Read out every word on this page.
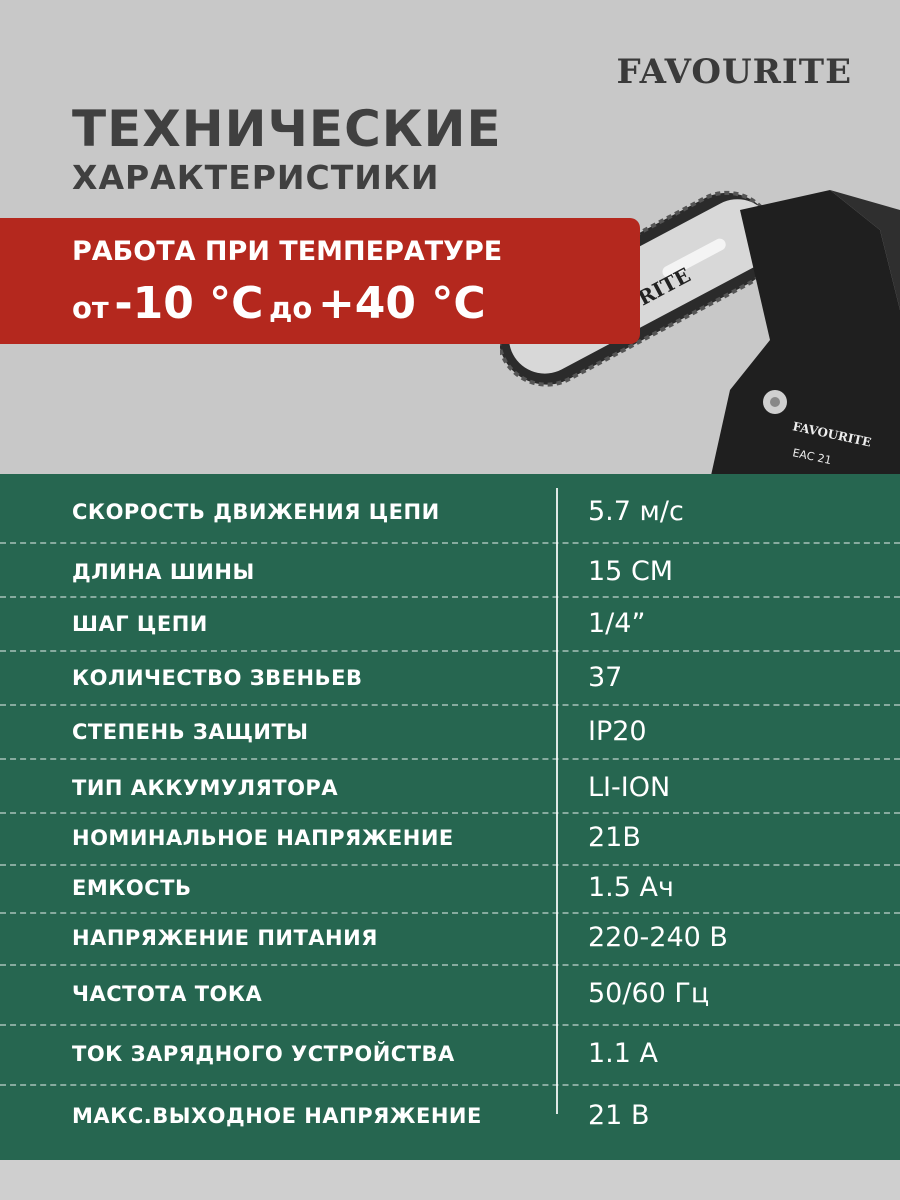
FAVOURITE
ТЕХНИЧЕСКИЕ
ХАРАКТЕРИСТИКИ
FAVOURITE
EAC 21
РАБОТА ПРИ ТЕМПЕРАТУРЕ
от -10 °С до +40 °С
СКОРОСТЬ ДВИЖЕНИЯ ЦЕПИ	5.7 м/с
ДЛИНА ШИНЫ	15 СМ
ШАГ ЦЕПИ	1/4”
КОЛИЧЕСТВО ЗВЕНЬЕВ	37
СТЕПЕНЬ ЗАЩИТЫ	IP20
ТИП АККУМУЛЯТОРА	LI-ION
НОМИНАЛЬНОЕ НАПРЯЖЕНИЕ	21В
ЕМКОСТЬ	1.5 Ач
НАПРЯЖЕНИЕ ПИТАНИЯ	220-240 В
ЧАСТОТА ТОКА	50/60 Гц
ТОК ЗАРЯДНОГО УСТРОЙСТВА	1.1 А
МАКС.ВЫХОДНОЕ НАПРЯЖЕНИЕ	21 В
